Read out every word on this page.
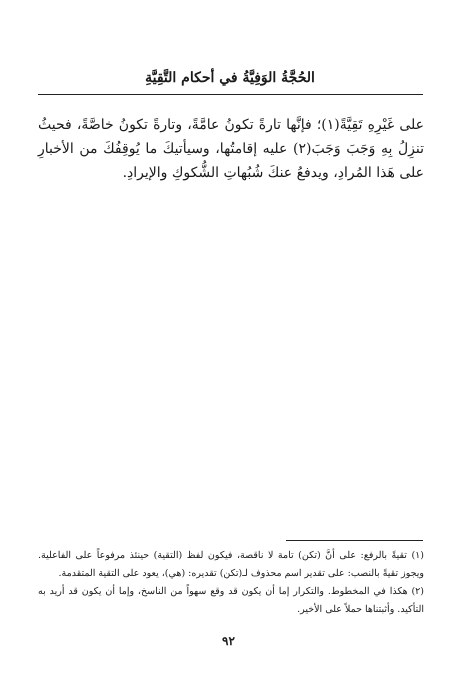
الحُجَّةُ الوَفِيَّةُ في أحكام التَّقِيَّةِ

على غَيْرِهِ تَقِيَّةً(١)؛ فإنَّها تارةً تكونُ عامَّةً، وتارةً تكونُ خاصَّةً، فحيثُ تنزِلُ بِهِ وَجَبَ وَجَبَ(٢) عليه إقامتُها، وسيأتيكَ ما يُوقِفُكَ من الأخبارِ على هَذا المُرادِ، ويدفعُ عنكَ شُبُهاتِ الشُّكوكِ والإيرادِ.

(١) تقيةً بالرفع: على أنَّ (تكن) تامة لا ناقصة، فيكون لفظ (التقية) حينئذ مرفوعاً على الفاعلية. ويجوز تقيةً بالنصب: على تقدير اسم محذوف لـ(تكن) تقديره: (هي)، يعود على التقية المتقدمة.

(٢) هكذا في المخطوط. والتكرار إما أن يكون قد وقع سهواً من الناسخ، وإما أن يكون قد أريد به التأكيد. وأثبتناها حملاً على الأخير.

٩٢
